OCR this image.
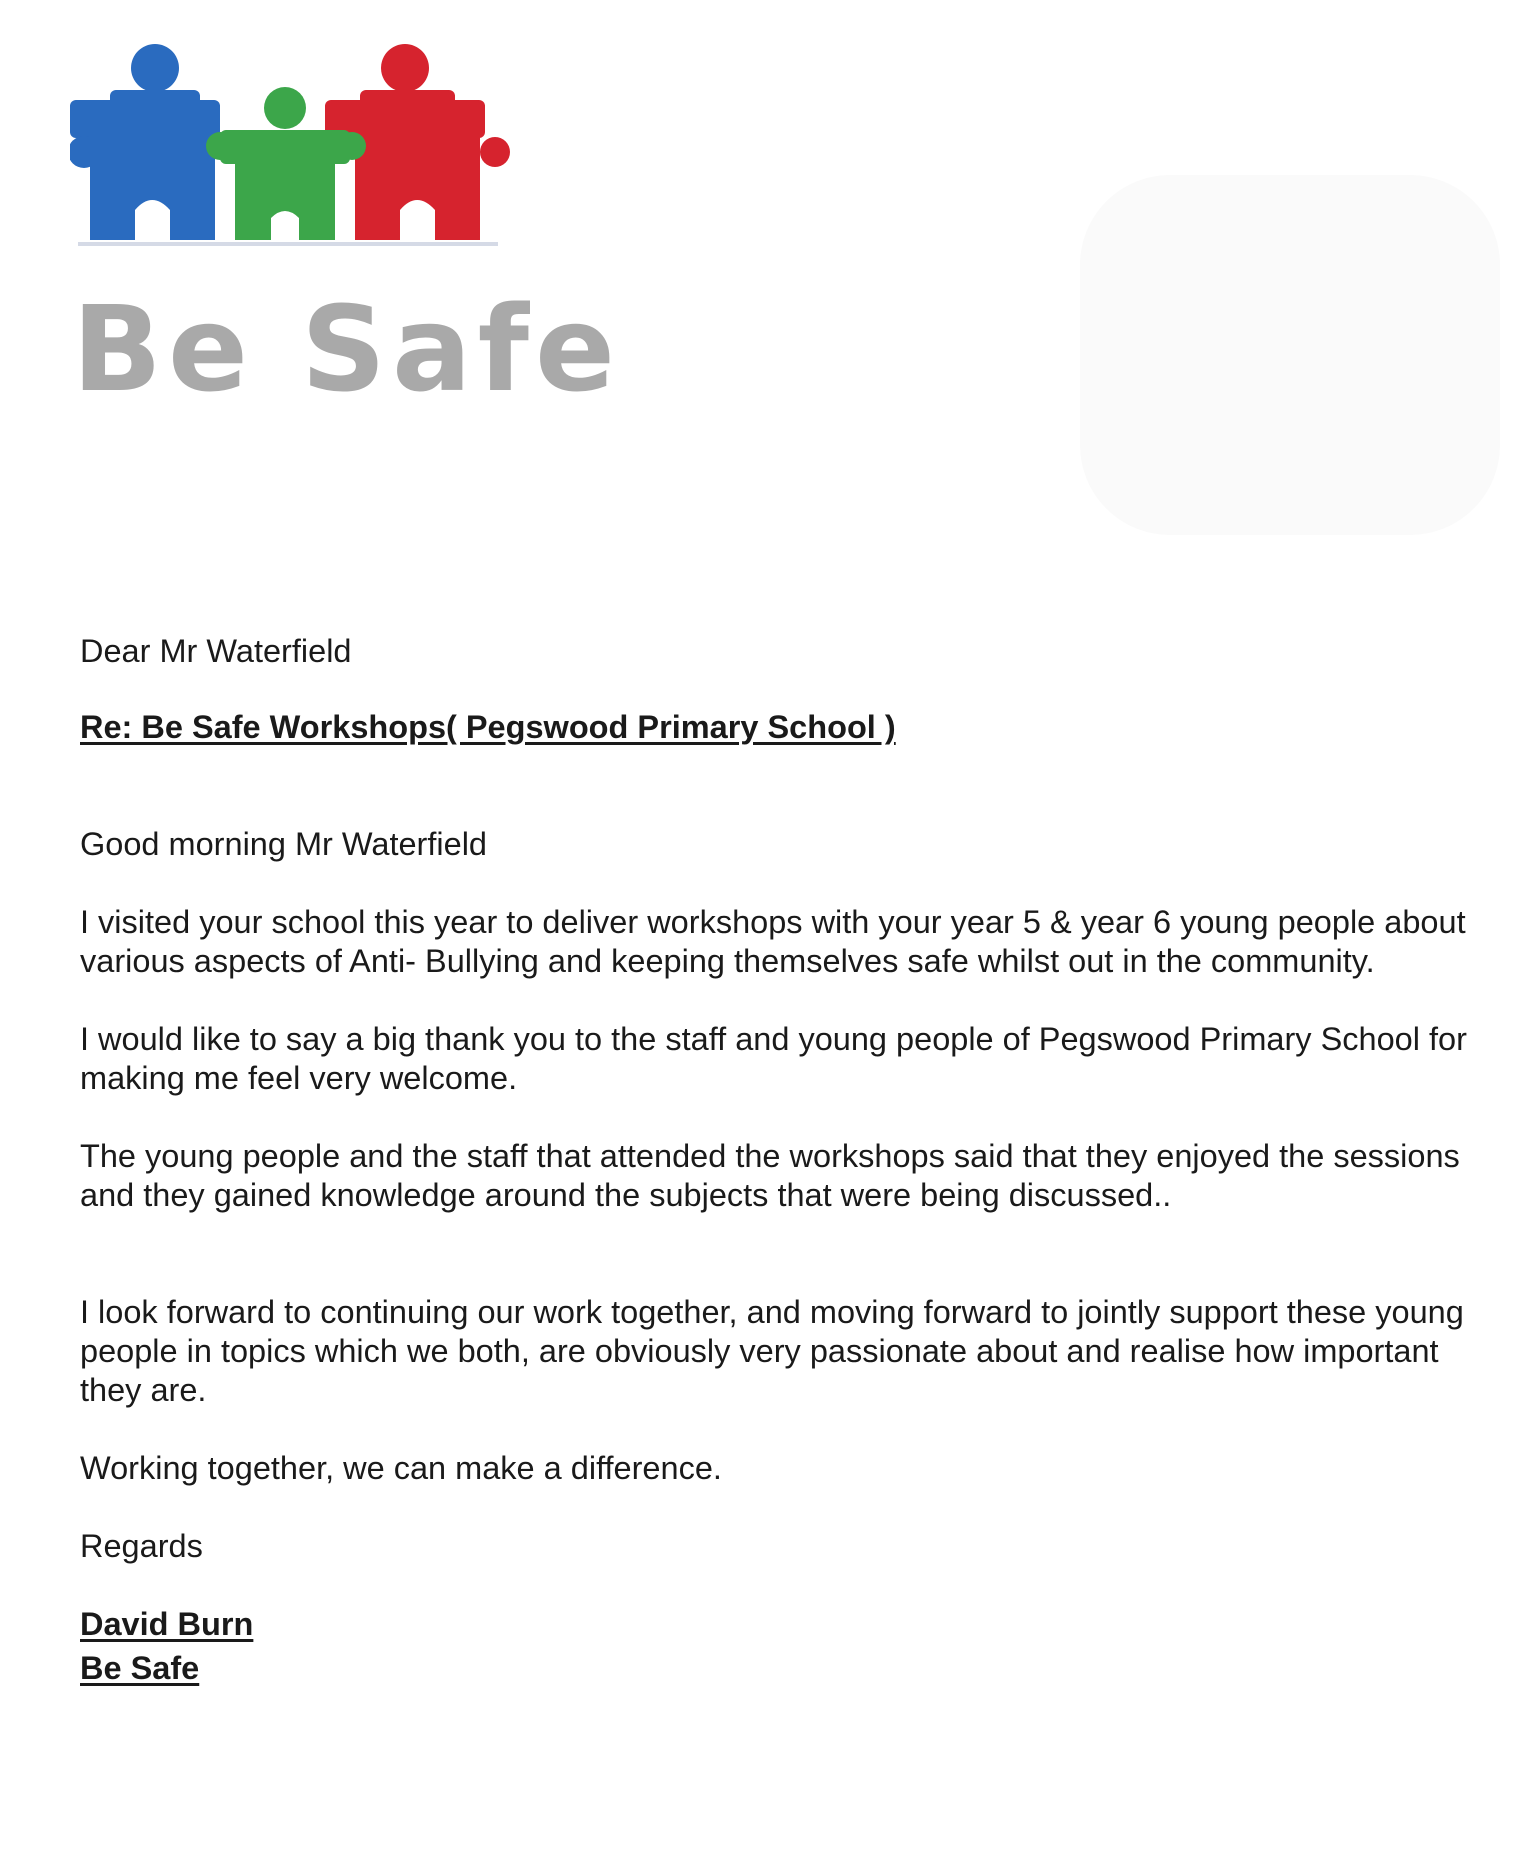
Be Safe

Dear Mr Waterfield

Re: Be Safe Workshops( Pegswood Primary School )

Good morning Mr Waterfield

I visited your school this year to deliver workshops with your year 5 & year 6 young people about various aspects of Anti- Bullying and keeping themselves safe whilst out in the community.

I would like to say a big thank you to the staff and young people of Pegswood Primary School for making me feel very welcome.

The young people and the staff that attended the workshops said that they enjoyed the sessions and they gained knowledge around the subjects that were being discussed..

I look forward to continuing our work together, and moving forward to jointly support these young people in topics which we both, are obviously very passionate about and realise how important they are.

Working together, we can make a difference.

Regards

David Burn

Be Safe
